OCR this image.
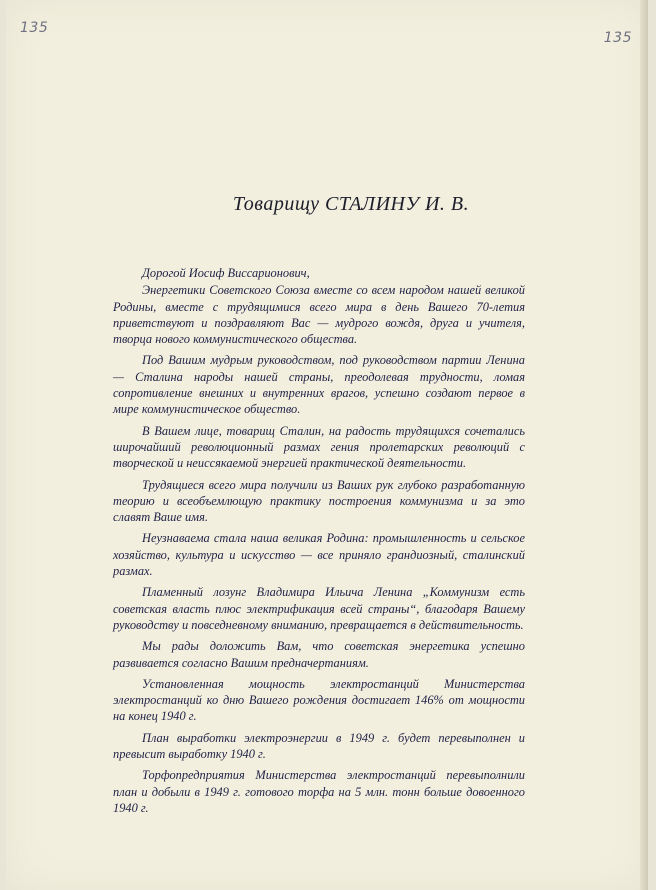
135
135
Товарищу СТАЛИНУ И. В.

Дорогой Иосиф Виссарионович,

Энергетики Советского Союза вместе со всем народом нашей великой Родины, вместе с трудящимися всего мира в день Вашего 70-летия приветствуют и поздравляют Вас — мудрого вождя, друга и учителя, творца нового коммунистического общества.

Под Вашим мудрым руководством, под руководством партии Ленина — Сталина народы нашей страны, преодолевая трудности, ломая сопротивление внешних и внутренних врагов, успешно создают первое в мире коммунистическое общество.

В Вашем лице, товарищ Сталин, на радость трудящихся сочетались широчайший революционный размах гения пролетарских революций с творческой и неиссякаемой энергией практической деятельности.

Трудящиеся всего мира получили из Ваших рук глубоко разработанную теорию и всеобъемлющую практику построения коммунизма и за это славят Ваше имя.

Неузнаваема стала наша великая Родина: промышленность и сельское хозяйство, культура и искусство — все приняло грандиозный, сталинский размах.

Пламенный лозунг Владимира Ильича Ленина „Коммунизм есть советская власть плюс электрификация всей страны“, благодаря Вашему руководству и повседневному вниманию, превращается в действительность.

Мы рады доложить Вам, что советская энергетика успешно развивается согласно Вашим предначертаниям.

Установленная мощность электростанций Министерства электростанций ко дню Вашего рождения достигает 146% от мощности на конец 1940 г.

План выработки электроэнергии в 1949 г. будет перевыполнен и превысит выработку 1940 г.

Торфопредприятия Министерства электростанций перевыполнили план и добыли в 1949 г. готового торфа на 5 млн. тонн больше довоенного 1940 г.
